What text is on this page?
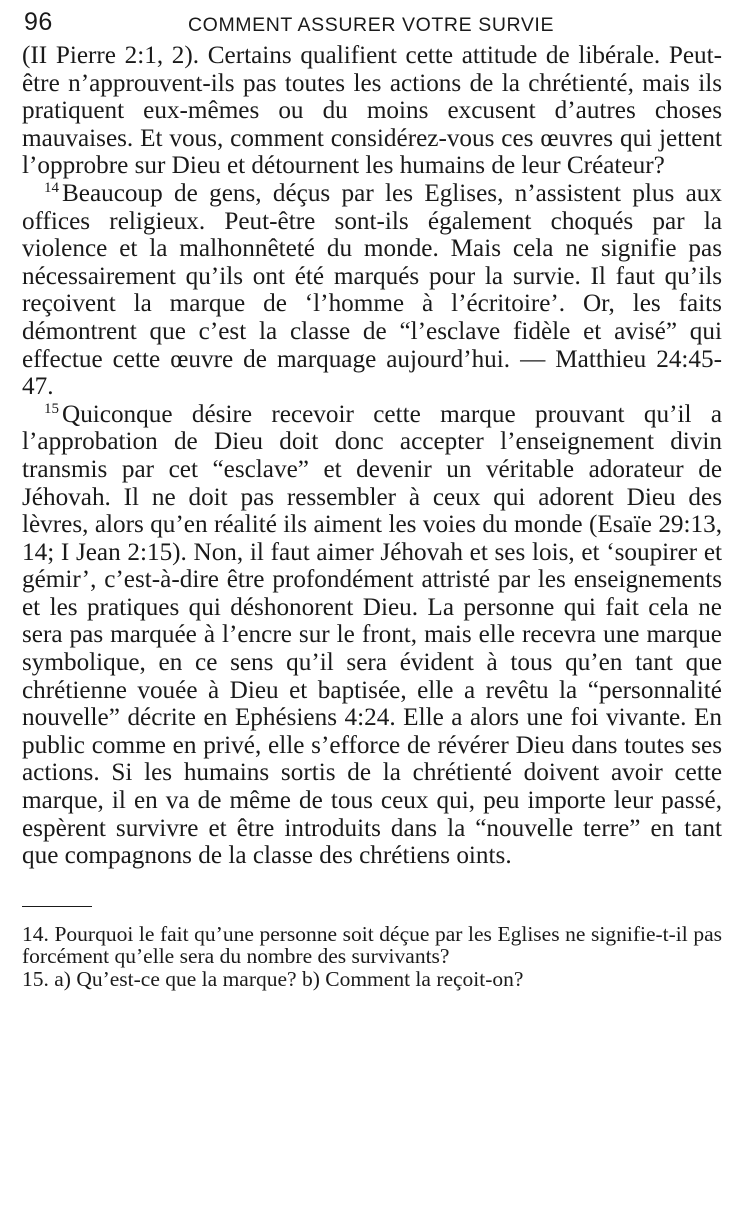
96	COMMENT ASSURER VOTRE SURVIE

(II Pierre 2:1, 2). Certains qualifient cette attitude de libérale. Peut-être n’approuvent-ils pas toutes les actions de la chrétienté, mais ils pratiquent eux-mêmes ou du moins excusent d’autres choses mauvaises. Et vous, comment considérez-vous ces œuvres qui jettent l’opprobre sur Dieu et détournent les humains de leur Créateur?

$^{14}$ Beaucoup de gens, déçus par les Eglises, n’assistent plus aux offices religieux. Peut-être sont-ils également choqués par la violence et la malhonnêteté du monde. Mais cela ne signifie pas nécessairement qu’ils ont été marqués pour la survie. Il faut qu’ils reçoivent la marque de ‘l’homme à l’écritoire’. Or, les faits démontrent que c’est la classe de “l’esclave fidèle et avisé” qui effectue cette œuvre de marquage aujourd’hui. — Matthieu 24:45-47.

$^{15}$ Quiconque désire recevoir cette marque prouvant qu’il a l’approbation de Dieu doit donc accepter l’enseignement divin transmis par cet “esclave” et devenir un véritable adorateur de Jéhovah. Il ne doit pas ressembler à ceux qui adorent Dieu des lèvres, alors qu’en réalité ils aiment les voies du monde (Esaïe 29:13, 14; I Jean 2:15). Non, il faut aimer Jéhovah et ses lois, et ‘soupirer et gémir’, c’est-à-dire être profondément attristé par les enseignements et les pratiques qui déshonorent Dieu. La personne qui fait cela ne sera pas marquée à l’encre sur le front, mais elle recevra une marque symbolique, en ce sens qu’il sera évident à tous qu’en tant que chrétienne vouée à Dieu et baptisée, elle a revêtu la “personnalité nouvelle” décrite en Ephésiens 4:24. Elle a alors une foi vivante. En public comme en privé, elle s’efforce de révérer Dieu dans toutes ses actions. Si les humains sortis de la chrétienté doivent avoir cette marque, il en va de même de tous ceux qui, peu importe leur passé, espèrent survivre et être introduits dans la “nouvelle terre” en tant que compagnons de la classe des chrétiens oints.

14. Pourquoi le fait qu’une personne soit déçue par les Eglises ne signifie-t-il pas forcément qu’elle sera du nombre des survivants?

15. a) Qu’est-ce que la marque? b) Comment la reçoit-on?
